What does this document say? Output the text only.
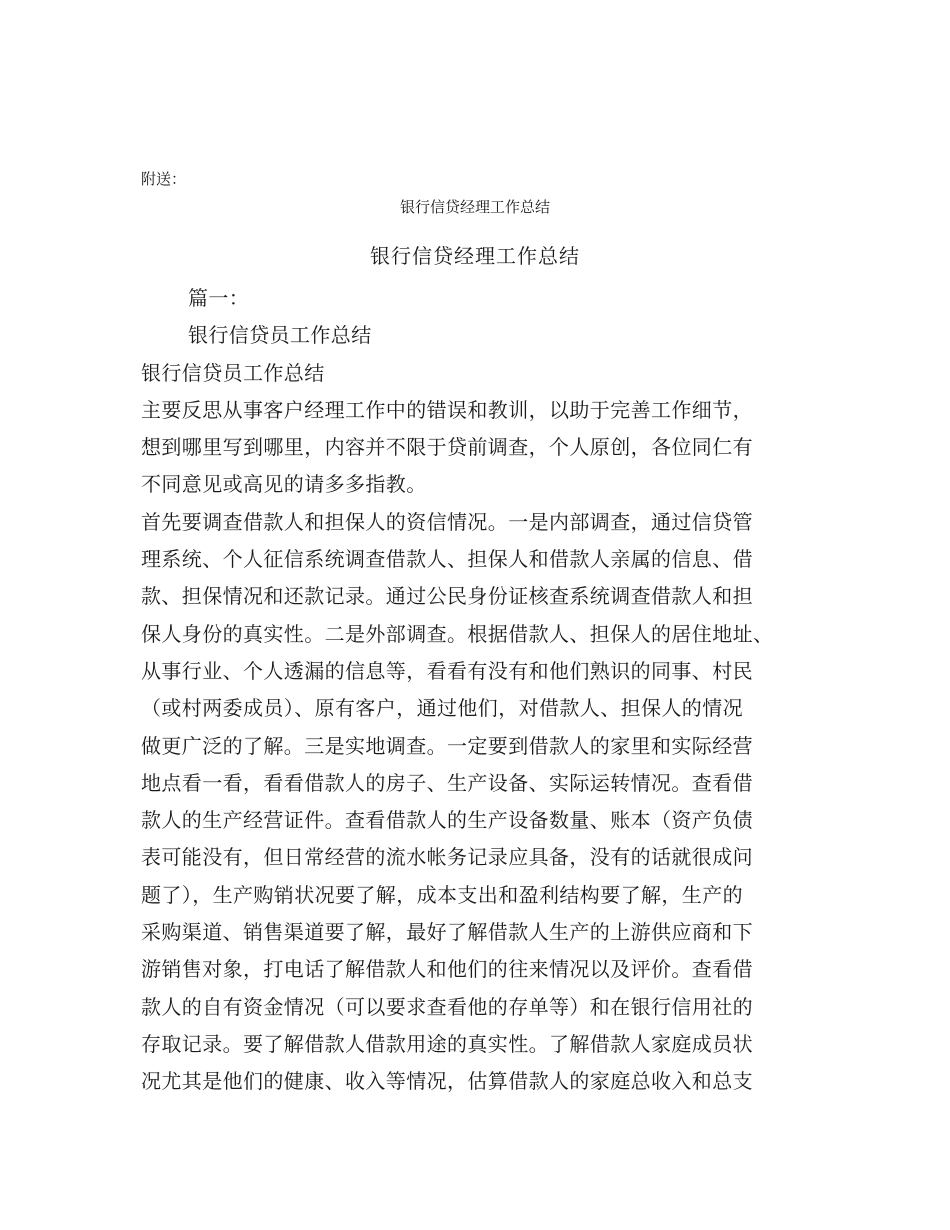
附送：
银行信贷经理工作总结
银行信贷经理工作总结
篇一：
银行信贷员工作总结
银行信贷员工作总结
主要反思从事客户经理工作中的错误和教训，以助于完善工作细节，
想到哪里写到哪里，内容并不限于贷前调查，个人原创，各位同仁有
不同意见或高见的请多多指教。
首先要调查借款人和担保人的资信情况。一是内部调查，通过信贷管
理系统、个人征信系统调查借款人、担保人和借款人亲属的信息、借
款、担保情况和还款记录。通过公民身份证核查系统调查借款人和担
保人身份的真实性。二是外部调查。根据借款人、担保人的居住地址、
从事行业、个人透漏的信息等，看看有没有和他们熟识的同事、村民
（或村两委成员）、原有客户，通过他们，对借款人、担保人的情况
做更广泛的了解。三是实地调查。一定要到借款人的家里和实际经营
地点看一看，看看借款人的房子、生产设备、实际运转情况。查看借
款人的生产经营证件。查看借款人的生产设备数量、账本（资产负债
表可能没有，但日常经营的流水帐务记录应具备，没有的话就很成问
题了），生产购销状况要了解，成本支出和盈利结构要了解，生产的
采购渠道、销售渠道要了解，最好了解借款人生产的上游供应商和下
游销售对象，打电话了解借款人和他们的往来情况以及评价。查看借
款人的自有资金情况（可以要求查看他的存单等）和在银行信用社的
存取记录。要了解借款人借款用途的真实性。了解借款人家庭成员状
况尤其是他们的健康、收入等情况，估算借款人的家庭总收入和总支
